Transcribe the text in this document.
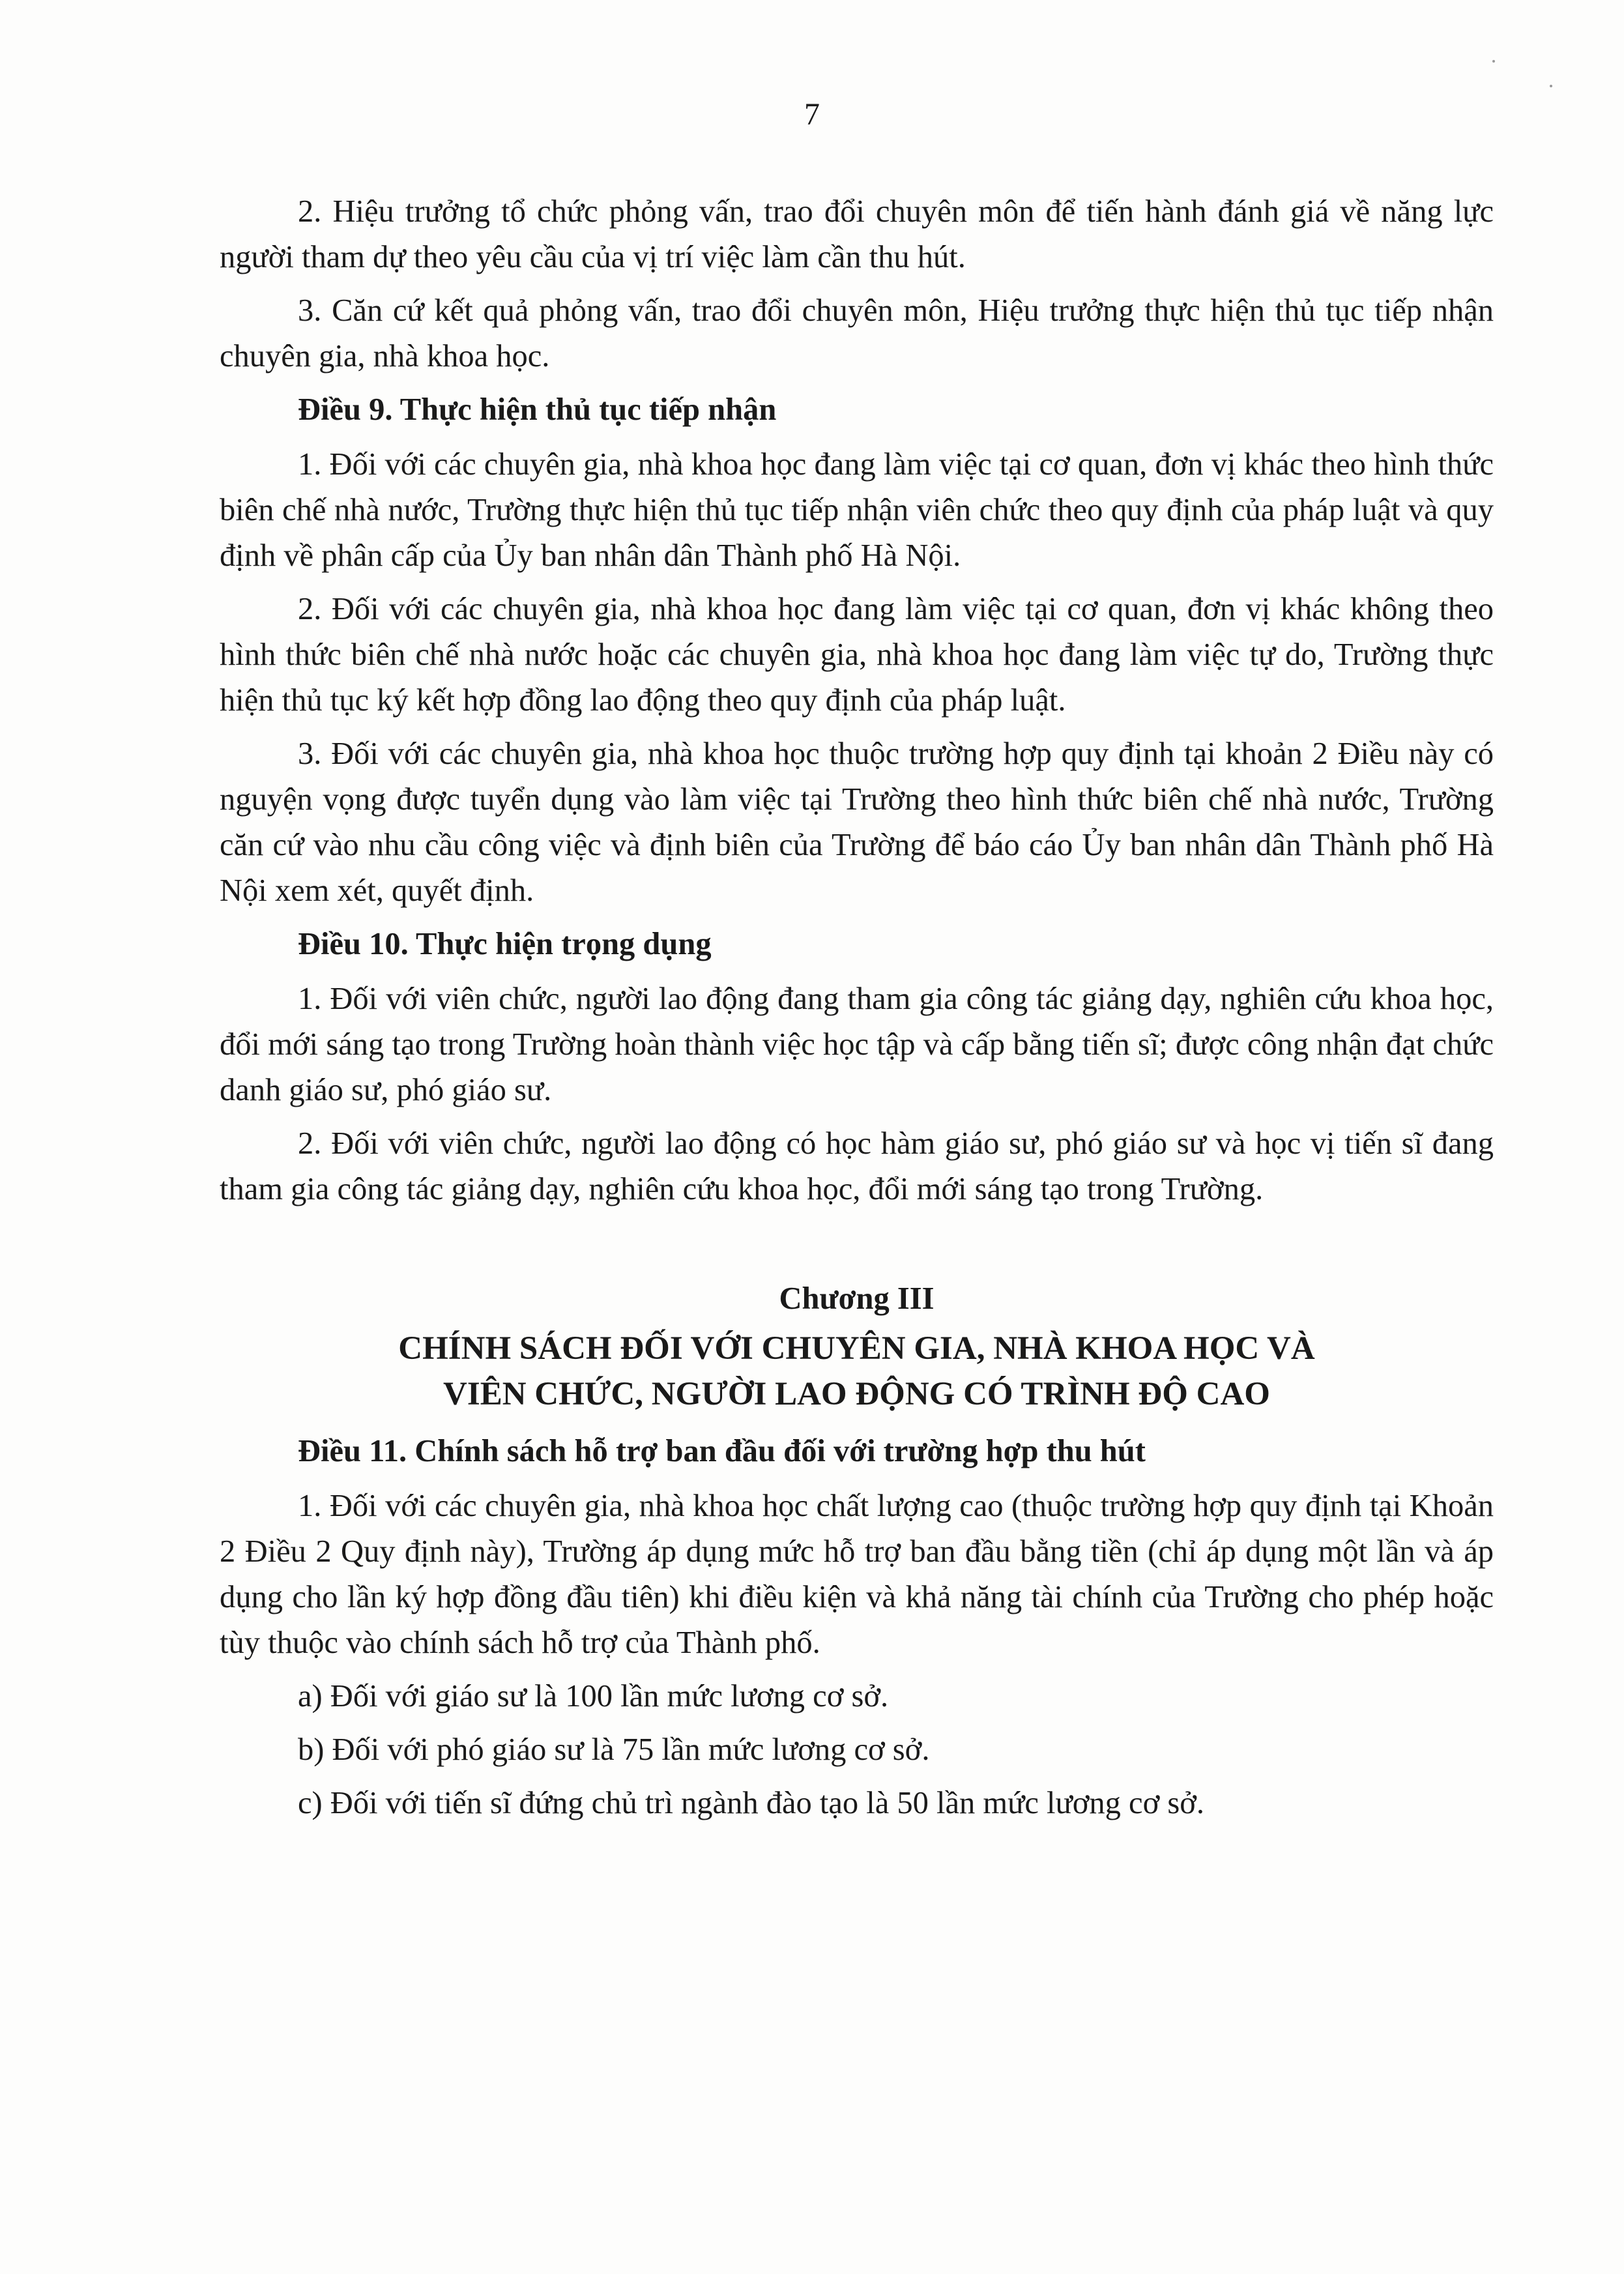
7

2. Hiệu trưởng tổ chức phỏng vấn, trao đổi chuyên môn để tiến hành đánh giá về năng lực người tham dự theo yêu cầu của vị trí việc làm cần thu hút.

3. Căn cứ kết quả phỏng vấn, trao đổi chuyên môn, Hiệu trưởng thực hiện thủ tục tiếp nhận chuyên gia, nhà khoa học.

Điều 9. Thực hiện thủ tục tiếp nhận

1. Đối với các chuyên gia, nhà khoa học đang làm việc tại cơ quan, đơn vị khác theo hình thức biên chế nhà nước, Trường thực hiện thủ tục tiếp nhận viên chức theo quy định của pháp luật và quy định về phân cấp của Ủy ban nhân dân Thành phố Hà Nội.

2. Đối với các chuyên gia, nhà khoa học đang làm việc tại cơ quan, đơn vị khác không theo hình thức biên chế nhà nước hoặc các chuyên gia, nhà khoa học đang làm việc tự do, Trường thực hiện thủ tục ký kết hợp đồng lao động theo quy định của pháp luật.

3. Đối với các chuyên gia, nhà khoa học thuộc trường hợp quy định tại khoản 2 Điều này có nguyện vọng được tuyển dụng vào làm việc tại Trường theo hình thức biên chế nhà nước, Trường căn cứ vào nhu cầu công việc và định biên của Trường để báo cáo Ủy ban nhân dân Thành phố Hà Nội xem xét, quyết định.

Điều 10. Thực hiện trọng dụng

1. Đối với viên chức, người lao động đang tham gia công tác giảng dạy, nghiên cứu khoa học, đổi mới sáng tạo trong Trường hoàn thành việc học tập và cấp bằng tiến sĩ; được công nhận đạt chức danh giáo sư, phó giáo sư.

2. Đối với viên chức, người lao động có học hàm giáo sư, phó giáo sư và học vị tiến sĩ đang tham gia công tác giảng dạy, nghiên cứu khoa học, đổi mới sáng tạo trong Trường.

Chương III
CHÍNH SÁCH ĐỐI VỚI CHUYÊN GIA, NHÀ KHOA HỌC VÀ
VIÊN CHỨC, NGƯỜI LAO ĐỘNG CÓ TRÌNH ĐỘ CAO

Điều 11. Chính sách hỗ trợ ban đầu đối với trường hợp thu hút

1. Đối với các chuyên gia, nhà khoa học chất lượng cao (thuộc trường hợp quy định tại Khoản 2 Điều 2 Quy định này), Trường áp dụng mức hỗ trợ ban đầu bằng tiền (chỉ áp dụng một lần và áp dụng cho lần ký hợp đồng đầu tiên) khi điều kiện và khả năng tài chính của Trường cho phép hoặc tùy thuộc vào chính sách hỗ trợ của Thành phố.

a) Đối với giáo sư là 100 lần mức lương cơ sở.

b) Đối với phó giáo sư là 75 lần mức lương cơ sở.

c) Đối với tiến sĩ đứng chủ trì ngành đào tạo là 50 lần mức lương cơ sở.
